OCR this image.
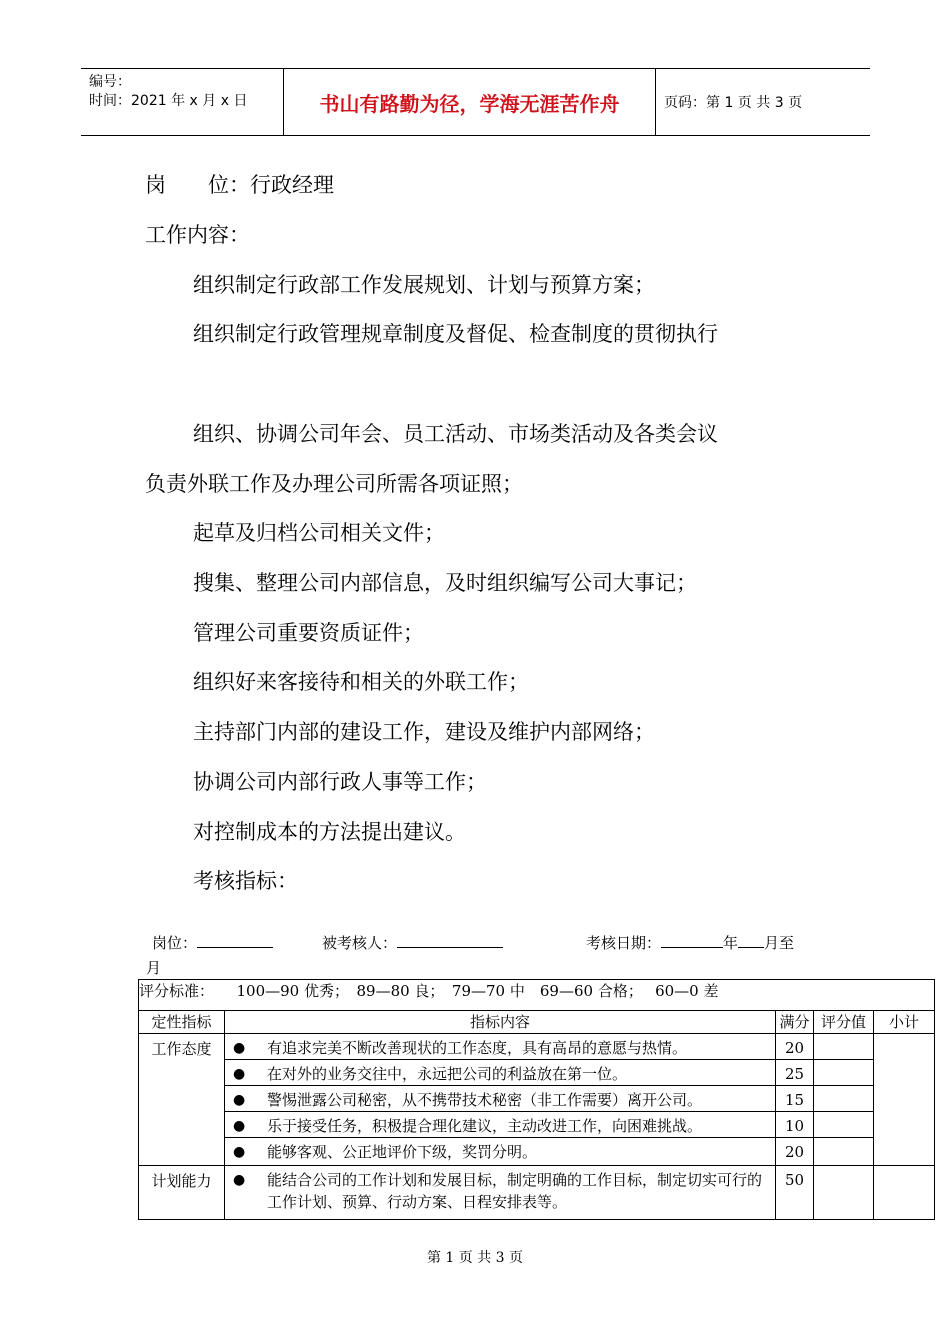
编号：
时间：2021 年 x 月 x 日	书山有路勤为径，学海无涯苦作舟	页码：第 1 页 共 3 页
岗　　位：行政经理
工作内容：
组织制定行政部工作发展规划、计划与预算方案；
组织制定行政管理规章制度及督促、检查制度的贯彻执行
组织、协调公司年会、员工活动、市场类活动及各类会议
负责外联工作及办理公司所需各项证照；
起草及归档公司相关文件；
搜集、整理公司内部信息，及时组织编写公司大事记；
管理公司重要资质证件；
组织好来客接待和相关的外联工作；
主持部门内部的建设工作，建设及维护内部网络；
协调公司内部行政人事等工作；
对控制成本的方法提出建议。
考核指标：
岗位：	被考核人：	考核日期：	年 月至
月
评分标准：　　100—90 优秀；　89—80 良；　79—70 中　69—60 合格；　 60—0 差				
定性指标	指标内容	满分	评分值	小计
工作态度	● 有追求完美不断改善现状的工作态度，具有高昂的意愿与热情。	20		

	● 在对外的业务交往中，永远把公司的利益放在第一位。	25		

	● 警惕泄露公司秘密，从不携带技术秘密（非工作需要）离开公司。	15		

	● 乐于接受任务，积极提合理化建议，主动改进工作，向困难挑战。	10		

	● 能够客观、公正地评价下级，奖罚分明。	20		
计划能力	● 能结合公司的工作计划和发展目标，制定明确的工作目标，制定切实可行的工作计划、预算、行动方案、日程安排表等。	50		
第 1 页 共 3 页
